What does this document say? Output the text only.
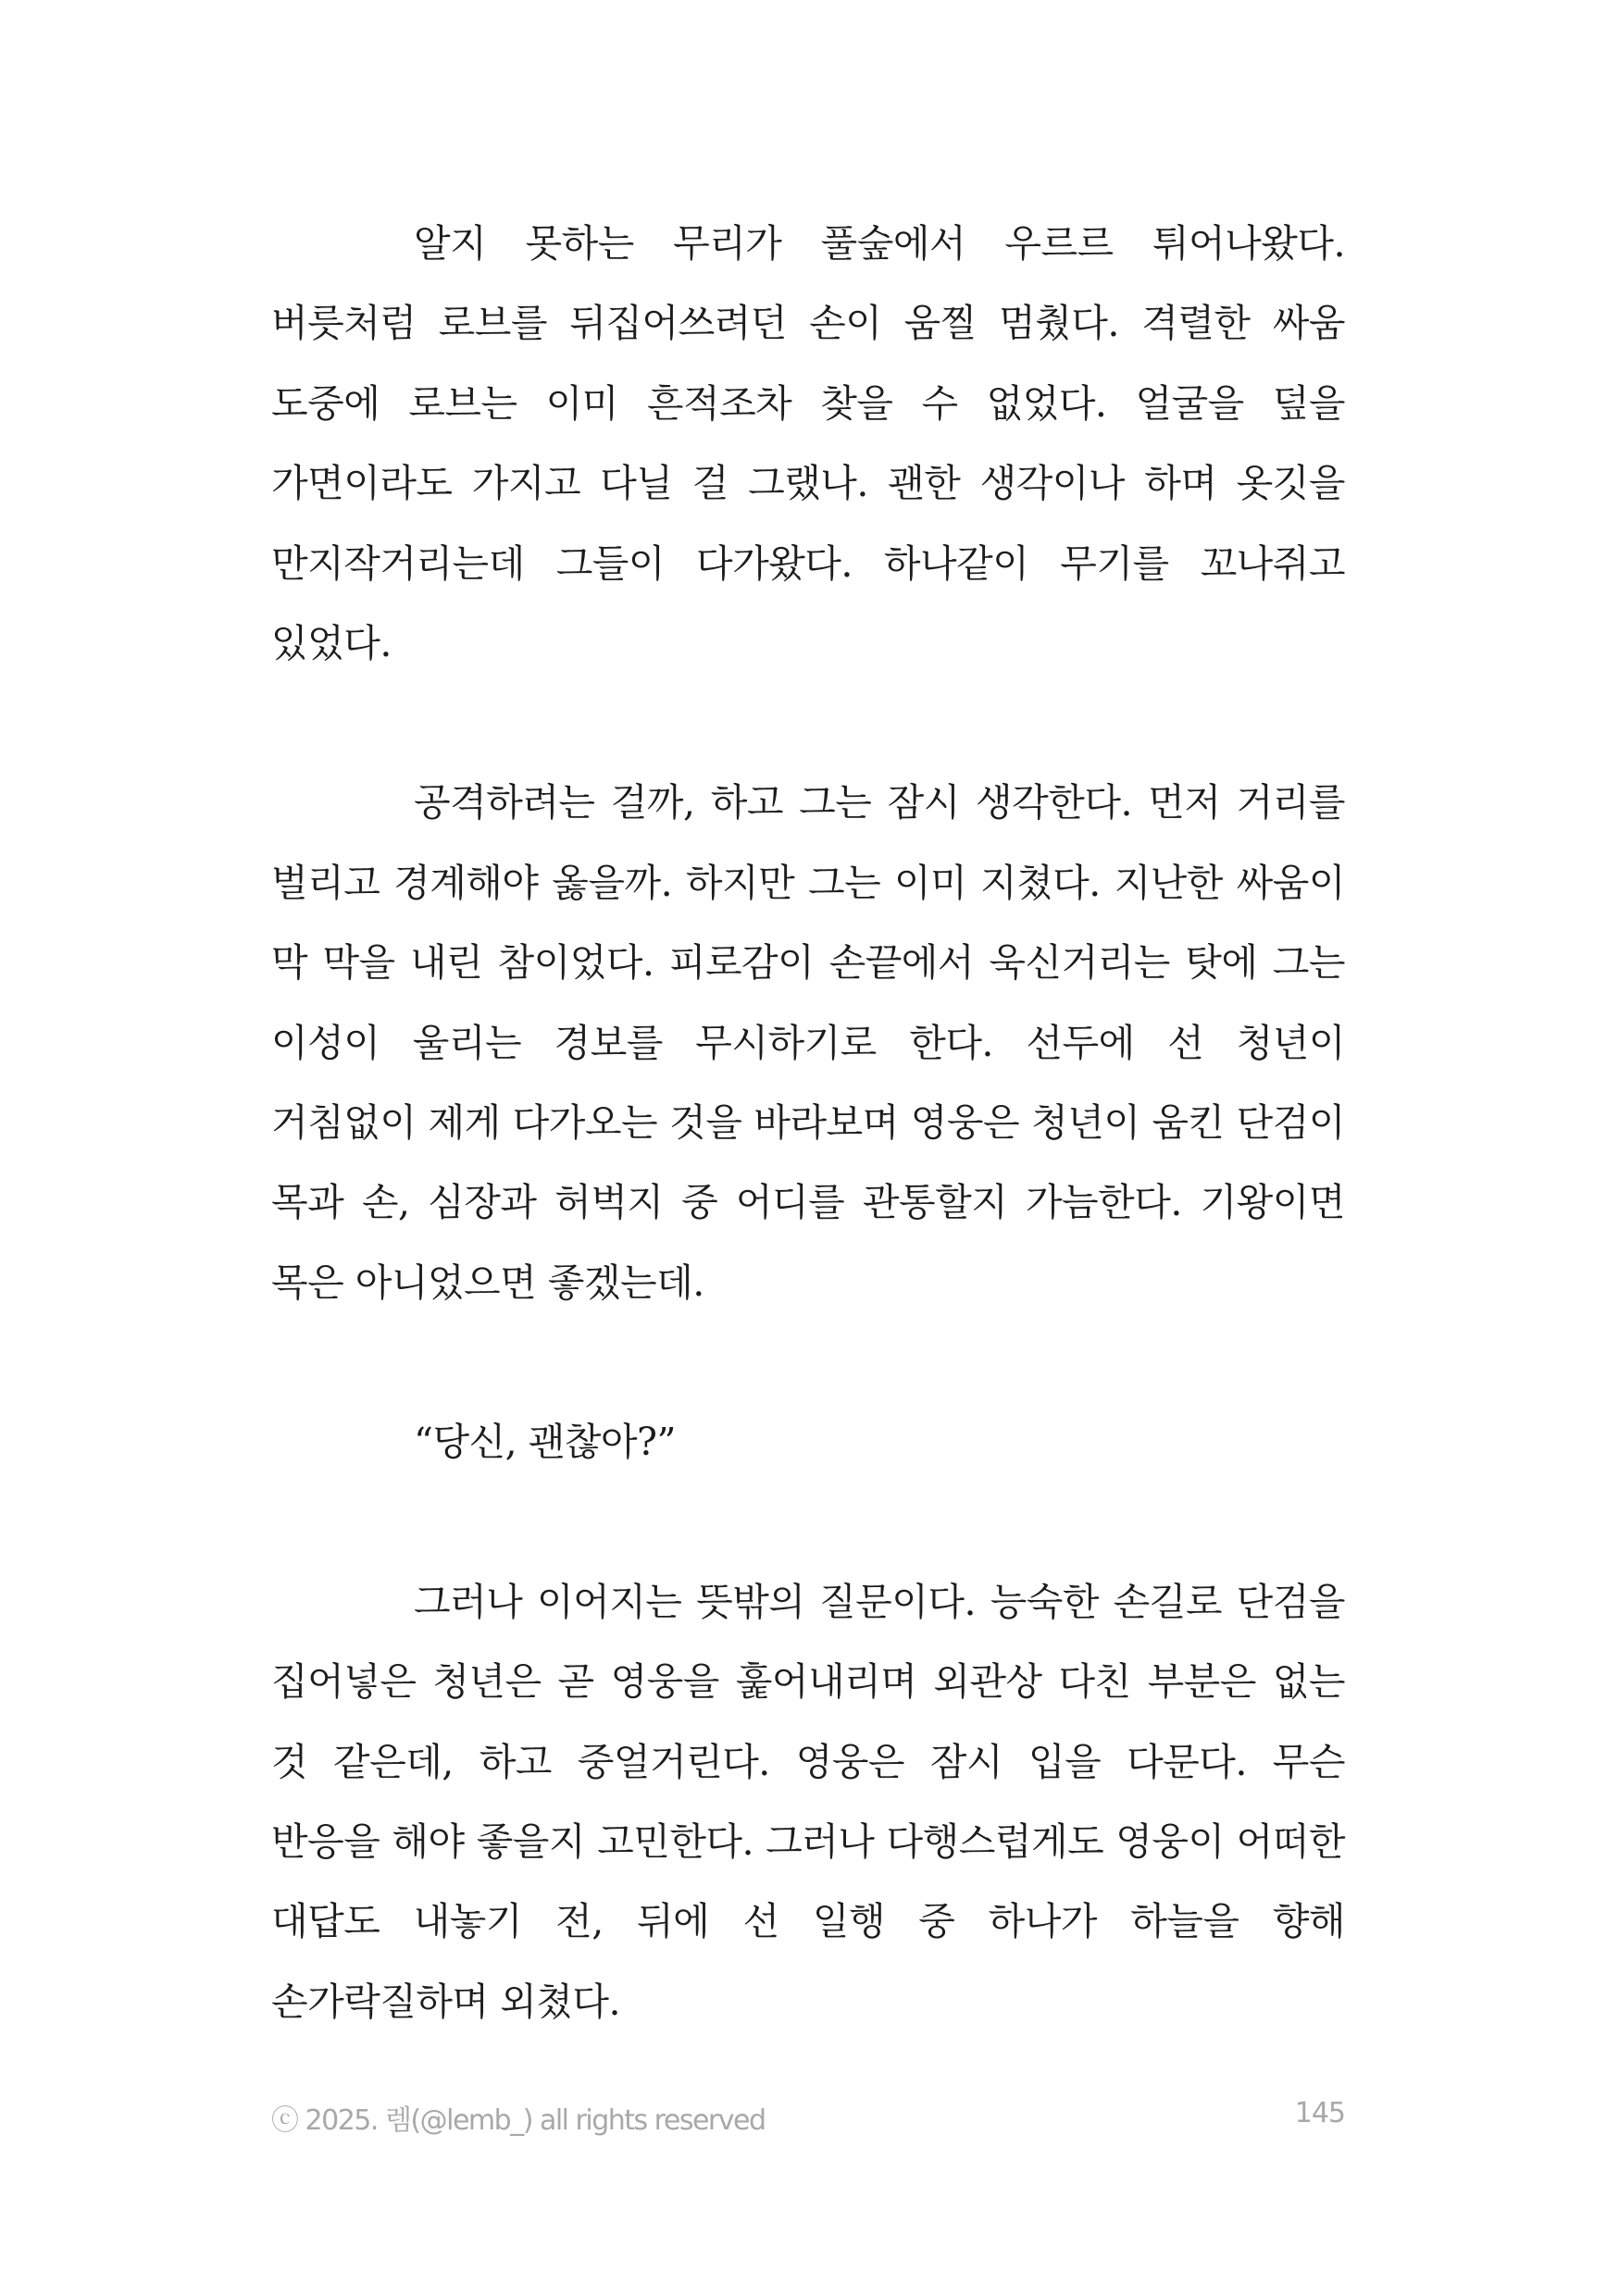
알지 못하는 무리가 풀숲에서 우르르 튀어나왔다. 버릇처럼 로브를 뒤집어쓰려던 손이 움찔 멈췄다. 격렬한 싸움 도중에 로브는 이미 흔적조차 찾을 수 없었다. 얼굴을 덮을 가면이라도 가지고 다닐 걸 그랬나. 괜한 생각이나 하며 옷깃을 만지작거리는데 그들이 다가왔다. 하나같이 무기를 꼬나쥐고 있었다.

공격하려는 걸까, 하고 그는 잠시 생각한다. 먼저 거리를 벌리고 경계해야 옳을까. 하지만 그는 이미 지쳤다. 지난한 싸움이 막 막을 내린 참이었다. 피로감이 손끝에서 욱신거리는 탓에 그는 이성이 울리는 경보를 무시하기로 한다. 선두에 선 청년이 거침없이 제게 다가오는 것을 바라보며 영웅은 청년이 움킨 단검이 목과 손, 심장과 허벅지 중 어디를 관통할지 가늠한다. 기왕이면 목은 아니었으면 좋겠는데.

“당신, 괜찮아?”

그러나 이어지는 뜻밖의 질문이다. 능숙한 손길로 단검을 집어넣은 청년은 곧 영웅을 훑어내리며 외관상 다친 부분은 없는 것 같은데, 하고 중얼거린다. 영웅은 잠시 입을 다문다. 무슨 반응을 해야 좋을지 고민한다. 그러나 다행스럽게도 영웅이 어떠한 대답도 내놓기 전, 뒤에 선 일행 중 하나가 하늘을 향해 손가락질하며 외쳤다.

ⓒ 2025. 렘(@lemb_) all rights reserved	145
